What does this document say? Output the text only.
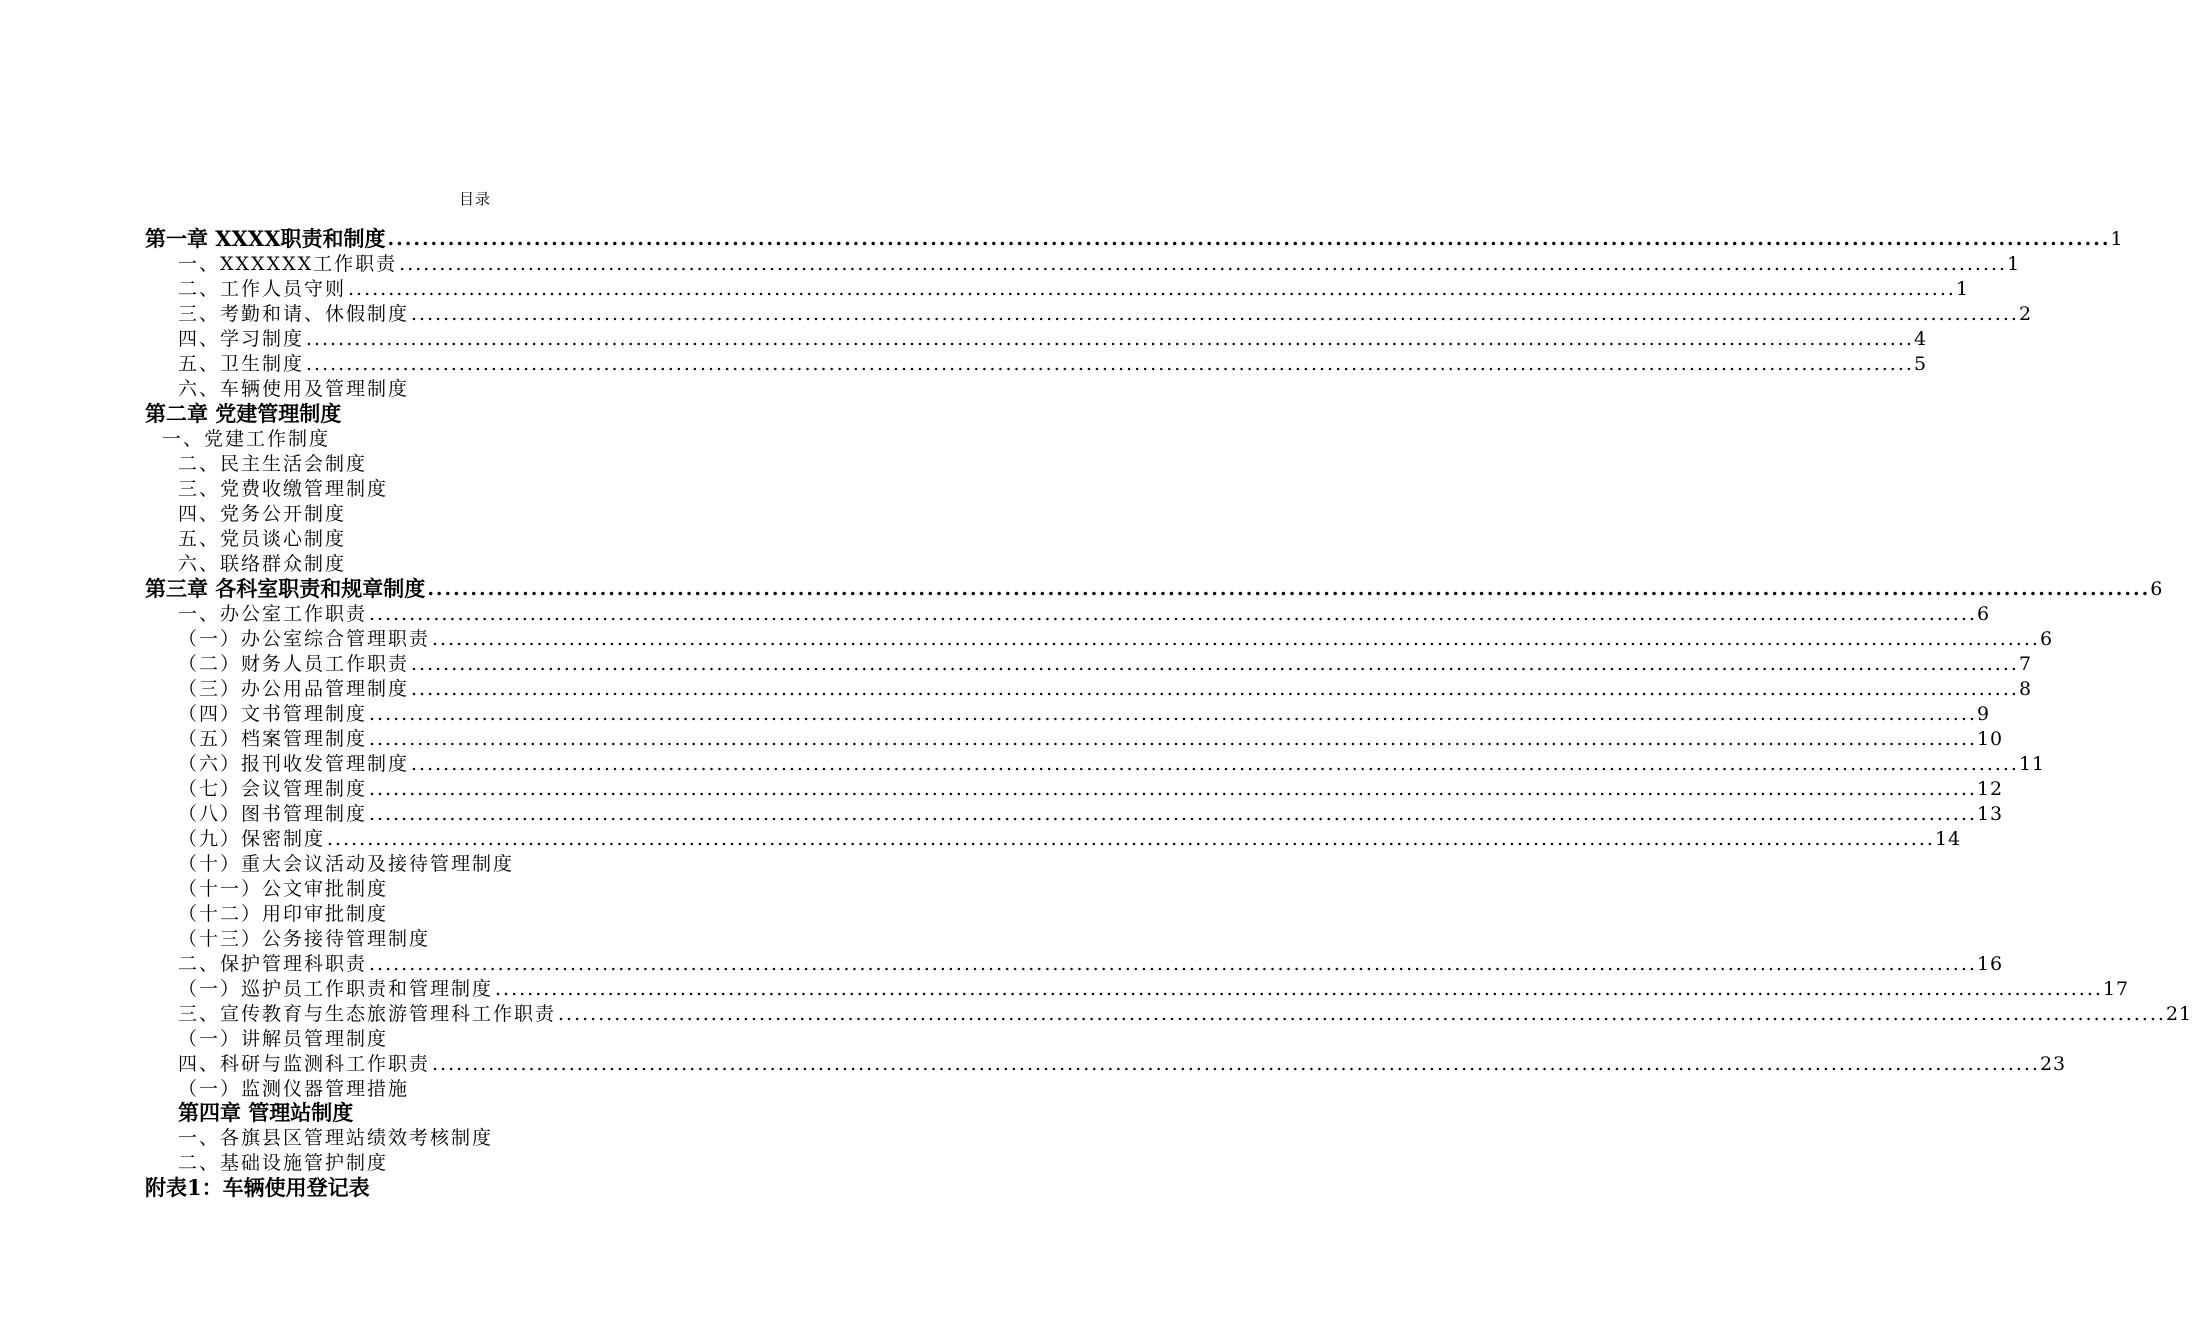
目录
第一章 XXXX职责和制度 ........................................................................................................................................................................................................ 1
一、XXXXXX工作职责 ........................................................................................................................................................................................................ 1
二、工作人员守则 ........................................................................................................................................................................................................ 1
三、考勤和请、休假制度 ........................................................................................................................................................................................................ 2
四、学习制度 ........................................................................................................................................................................................................ 4
五、卫生制度 ........................................................................................................................................................................................................ 5
六、车辆使用及管理制度
第二章 党建管理制度
一、党建工作制度
二、民主生活会制度
三、党费收缴管理制度
四、党务公开制度
五、党员谈心制度
六、联络群众制度
第三章 各科室职责和规章制度 ........................................................................................................................................................................................................ 6
一、办公室工作职责 ........................................................................................................................................................................................................ 6
（一）办公室综合管理职责 ........................................................................................................................................................................................................ 6
（二）财务人员工作职责 ........................................................................................................................................................................................................ 7
（三）办公用品管理制度 ........................................................................................................................................................................................................ 8
（四）文书管理制度 ........................................................................................................................................................................................................ 9
（五）档案管理制度 ........................................................................................................................................................................................................ 10
（六）报刊收发管理制度 ........................................................................................................................................................................................................ 11
（七）会议管理制度 ........................................................................................................................................................................................................ 12
（八）图书管理制度 ........................................................................................................................................................................................................ 13
（九）保密制度 ........................................................................................................................................................................................................ 14
（十）重大会议活动及接待管理制度
（十一）公文审批制度
（十二）用印审批制度
（十三）公务接待管理制度
二、保护管理科职责 ........................................................................................................................................................................................................ 16
（一）巡护员工作职责和管理制度 ........................................................................................................................................................................................................ 17
三、宣传教育与生态旅游管理科工作职责 ........................................................................................................................................................................................................ 21
（一）讲解员管理制度
四、科研与监测科工作职责 ........................................................................................................................................................................................................ 23
（一）监测仪器管理措施
第四章 管理站制度
一、各旗县区管理站绩效考核制度
二、基础设施管护制度
附表1：车辆使用登记表
